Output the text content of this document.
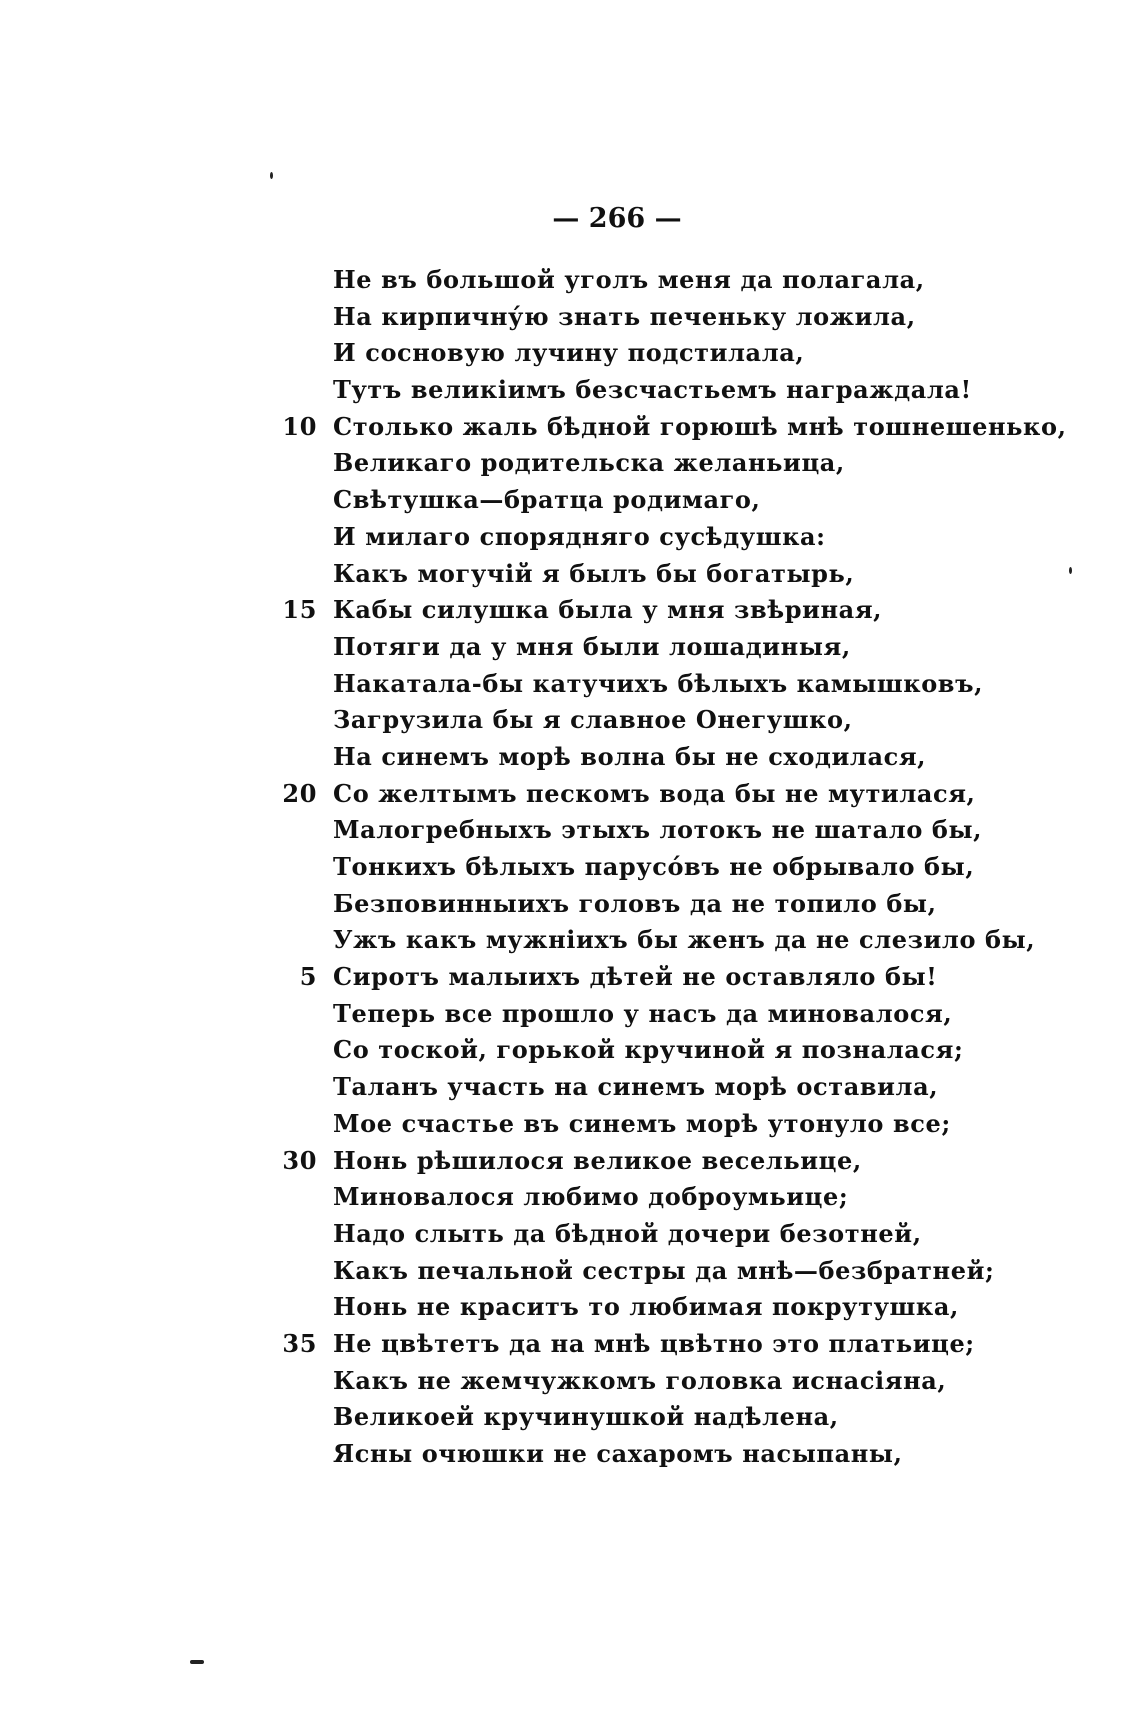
— 266 —
Не въ большой уголъ меня да полагала,
На кирпичну́ю знать печеньку ложила,
И сосновую лучину подстилала,
Тутъ великіимъ безсчастьемъ награждала!
10 Столько жаль бѣдной горюшѣ мнѣ тошнешенько,
Великаго родительска желаньица,
Свѣтушка—братца родимаго,
И милаго спорядняго сусѣдушка:
Какъ могучій я былъ бы богатырь,
15 Кабы силушка была у мня звѣриная,
Потяги да у мня были лошадиныя,
Накатала-бы катучихъ бѣлыхъ камышковъ,
Загрузила бы я славное Онегушко,
На синемъ морѣ волна бы не сходилася,
20 Со желтымъ пескомъ вода бы не мутилася,
Малогребныхъ этыхъ лотокъ не шатало бы,
Тонкихъ бѣлыхъ парусо́въ не обрывало бы,
Безповинныихъ головъ да не топило бы,
Ужъ какъ мужніихъ бы женъ да не слезило бы,
5 Сиротъ малыихъ дѣтей не оставляло бы!
Теперь все прошло у насъ да миновалося,
Со тоской, горькой кручиной я познaлася;
Таланъ участь на синемъ морѣ оставила,
Мое счастье въ синемъ морѣ утонуло все;
30 Нонь рѣшилося великое весельице,
Миновалося любимо доброумьице;
Надо слыть да бѣдной дочери безотней,
Какъ печальной сестры да мнѣ—безбратней;
Нонь не краситъ то любимая покрутушка,
35 Не цвѣтетъ да на мнѣ цвѣтно это платьице;
Какъ не жемчужкомъ головка иснасіяна,
Великоей кручинушкой надѣлена,
Ясны очюшки не сахаромъ насыпаны,
